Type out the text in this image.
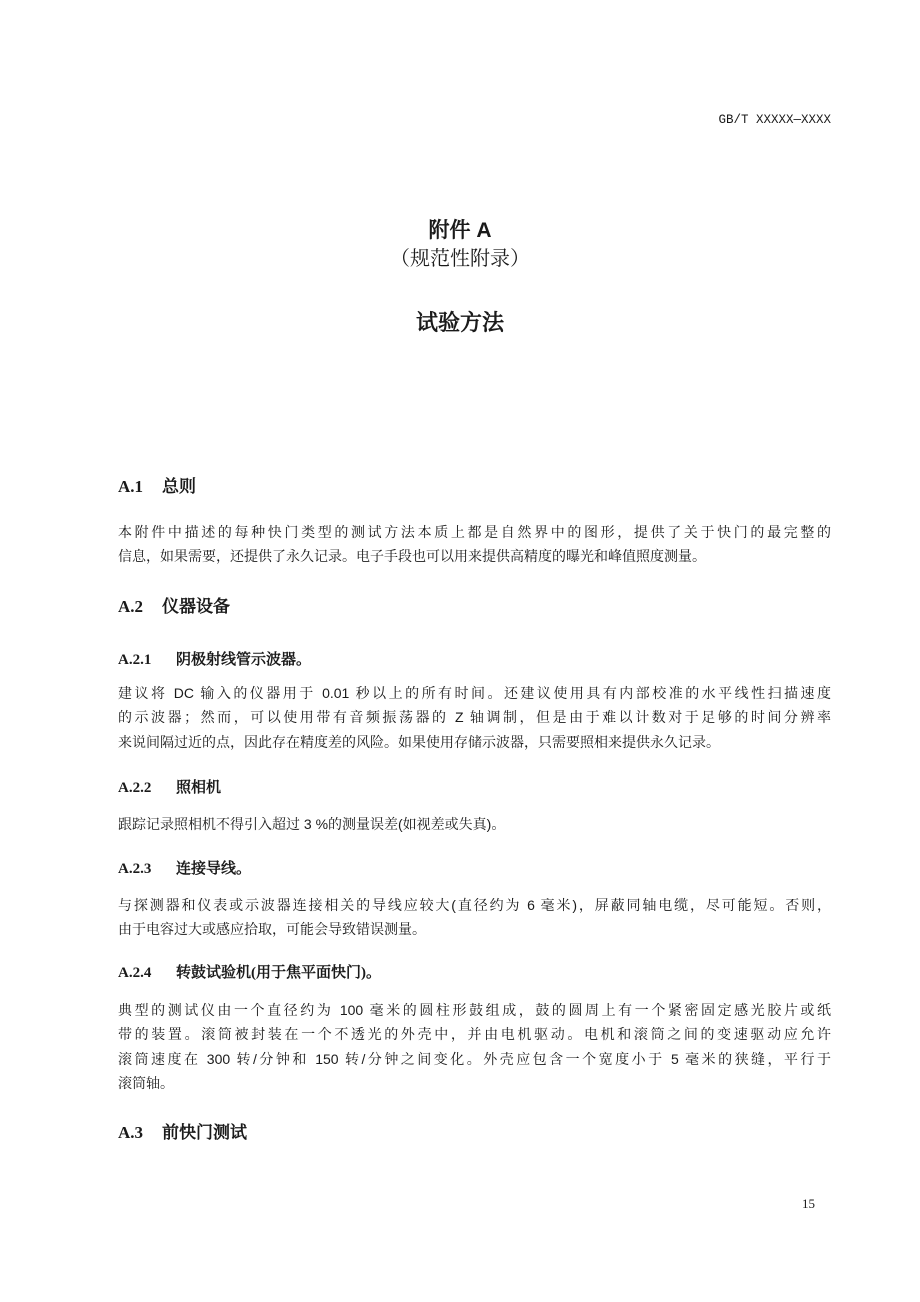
GB/T XXXXX—XXXX
附件 A
（规范性附录）
试验方法
A.1 总则
本附件中描述的每种快门类型的测试方法本质上都是自然界中的图形，提供了关于快门的最完整的
信息，如果需要，还提供了永久记录。电子手段也可以用来提供高精度的曝光和峰值照度测量。
A.2 仪器设备
A.2.1 阴极射线管示波器。
建议将 DC 输入的仪器用于 0.01 秒以上的所有时间。还建议使用具有内部校准的水平线性扫描速度
的示波器；然而，可以使用带有音频振荡器的 Z 轴调制，但是由于难以计数对于足够的时间分辨率
来说间隔过近的点，因此存在精度差的风险。如果使用存储示波器，只需要照相来提供永久记录。
A.2.2 照相机
跟踪记录照相机不得引入超过 3 %的测量误差(如视差或失真)。
A.2.3 连接导线。
与探测器和仪表或示波器连接相关的导线应较大(直径约为 6 毫米)，屏蔽同轴电缆，尽可能短。否则，
由于电容过大或感应拾取，可能会导致错误测量。
A.2.4 转鼓试验机(用于焦平面快门)。
典型的测试仪由一个直径约为 100 毫米的圆柱形鼓组成，鼓的圆周上有一个紧密固定感光胶片或纸
带的装置。滚筒被封装在一个不透光的外壳中，并由电机驱动。电机和滚筒之间的变速驱动应允许
滚筒速度在 300 转/分钟和 150 转/分钟之间变化。外壳应包含一个宽度小于 5 毫米的狭缝，平行于
滚筒轴。
A.3 前快门测试
15
